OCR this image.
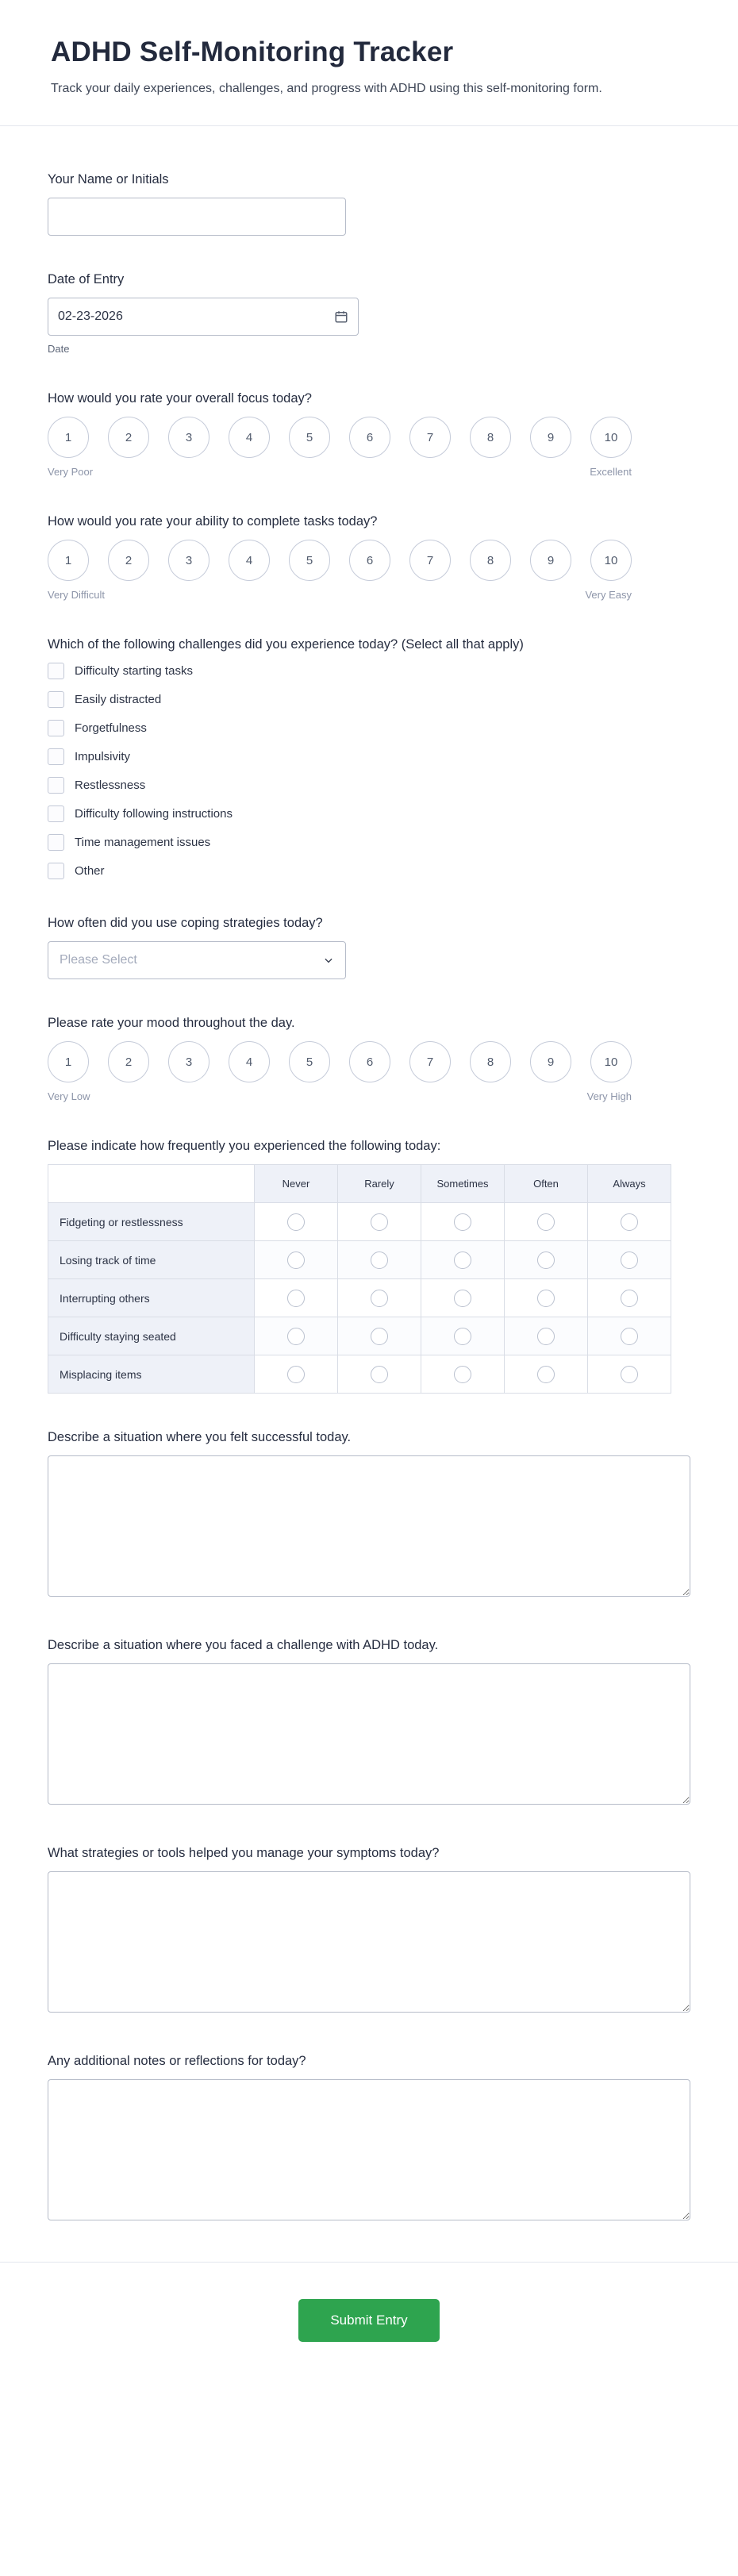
ADHD Self-Monitoring Tracker

Track your daily experiences, challenges, and progress with ADHD using this self-monitoring form.

Your Name or Initials
Date of Entry
02-23-2026
Date
How would you rate your overall focus today?
1	2	3	4	5	6	7	8	9	10
Very Poor	Excellent
How would you rate your ability to complete tasks today?
1	2	3	4	5	6	7	8	9	10
Very Difficult	Very Easy
Which of the following challenges did you experience today? (Select all that apply)
Difficulty starting tasks
Easily distracted
Forgetfulness
Impulsivity
Restlessness
Difficulty following instructions
Time management issues
Other
How often did you use coping strategies today?
Please Select
Please rate your mood throughout the day.
1	2	3	4	5	6	7	8	9	10
Very Low	Very High
Please indicate how frequently you experienced the following today:
	Never	Rarely	Sometimes	Often	Always
Fidgeting or restlessness					
Losing track of time					
Interrupting others					
Difficulty staying seated					
Misplacing items					
Describe a situation where you felt successful today.
Describe a situation where you faced a challenge with ADHD today.
What strategies or tools helped you manage your symptoms today?
Any additional notes or reflections for today?
Submit Entry
